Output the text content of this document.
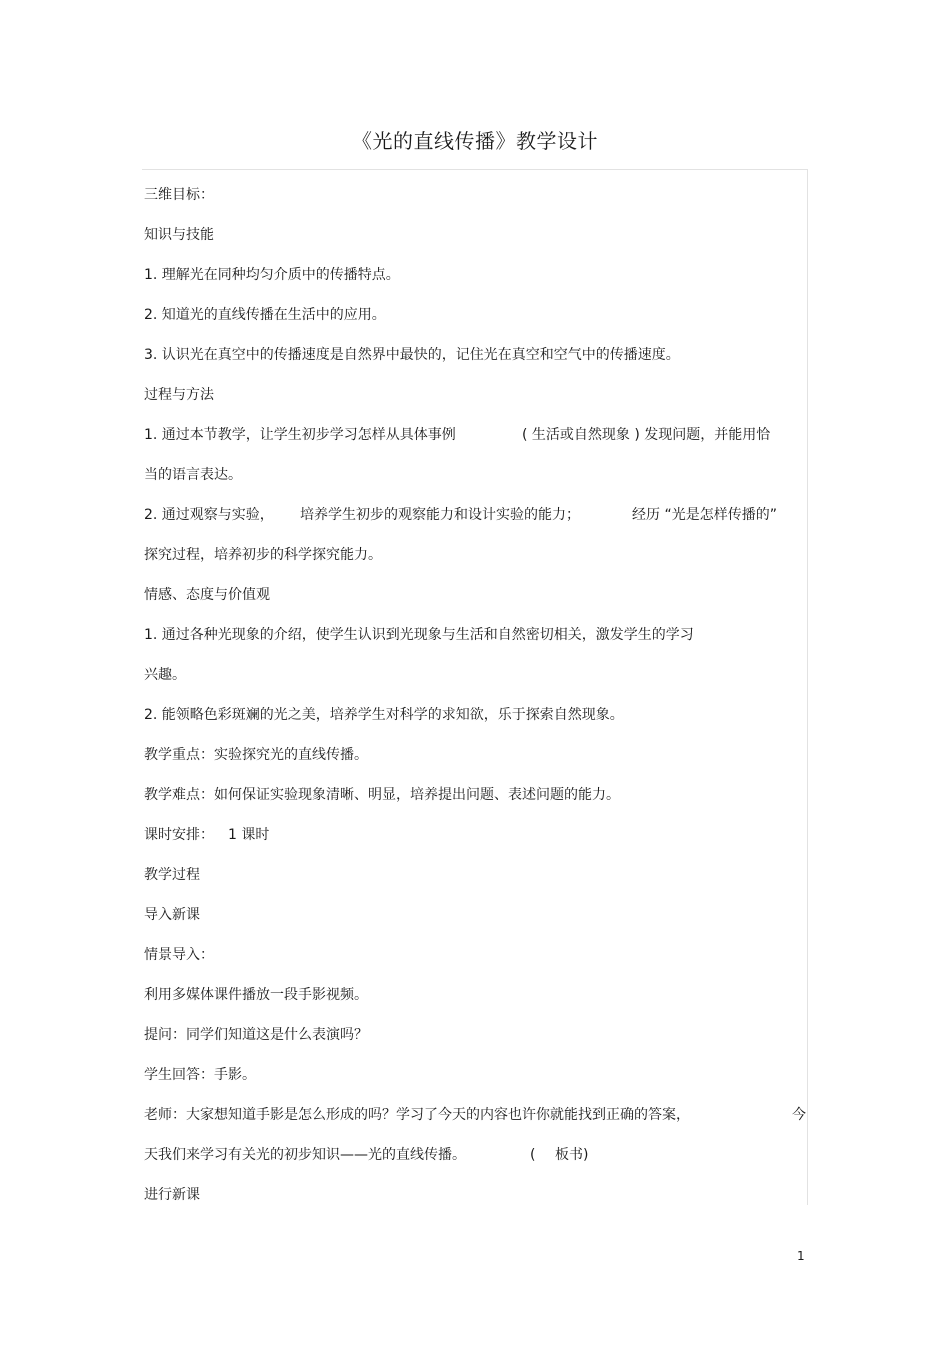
《光的直线传播》教学设计
三维目标：
知识与技能
1. 理解光在同种均匀介质中的传播特点。
2. 知道光的直线传播在生活中的应用。
3. 认识光在真空中的传播速度是自然界中最快的，记住光在真空和空气中的传播速度。
过程与方法
1. 通过本节教学，让学生初步学习怎样从具体事例	( 生活或自然现象 ) 发现问题，并能用恰
当的语言表达。
2. 通过观察与实验， 培养学生初步的观察能力和设计实验的能力；	经历 “光是怎样传播的”
探究过程，培养初步的科学探究能力。
情感、态度与价值观
1. 通过各种光现象的介绍，使学生认识到光现象与生活和自然密切相关，激发学生的学习
兴趣。
2. 能领略色彩斑斓的光之美，培养学生对科学的求知欲，乐于探索自然现象。
教学重点：实验探究光的直线传播。
教学难点：如何保证实验现象清晰、明显，培养提出问题、表述问题的能力。
课时安排： 1 课时
教学过程
导入新课
情景导入：
利用多媒体课件播放一段手影视频。
提问：同学们知道这是什么表演吗？
学生回答：手影。
老师：大家想知道手影是怎么形成的吗？学习了今天的内容也许你就能找到正确的答案，	今
天我们来学习有关光的初步知识——光的直线传播。	( 板书)
进行新课
1
